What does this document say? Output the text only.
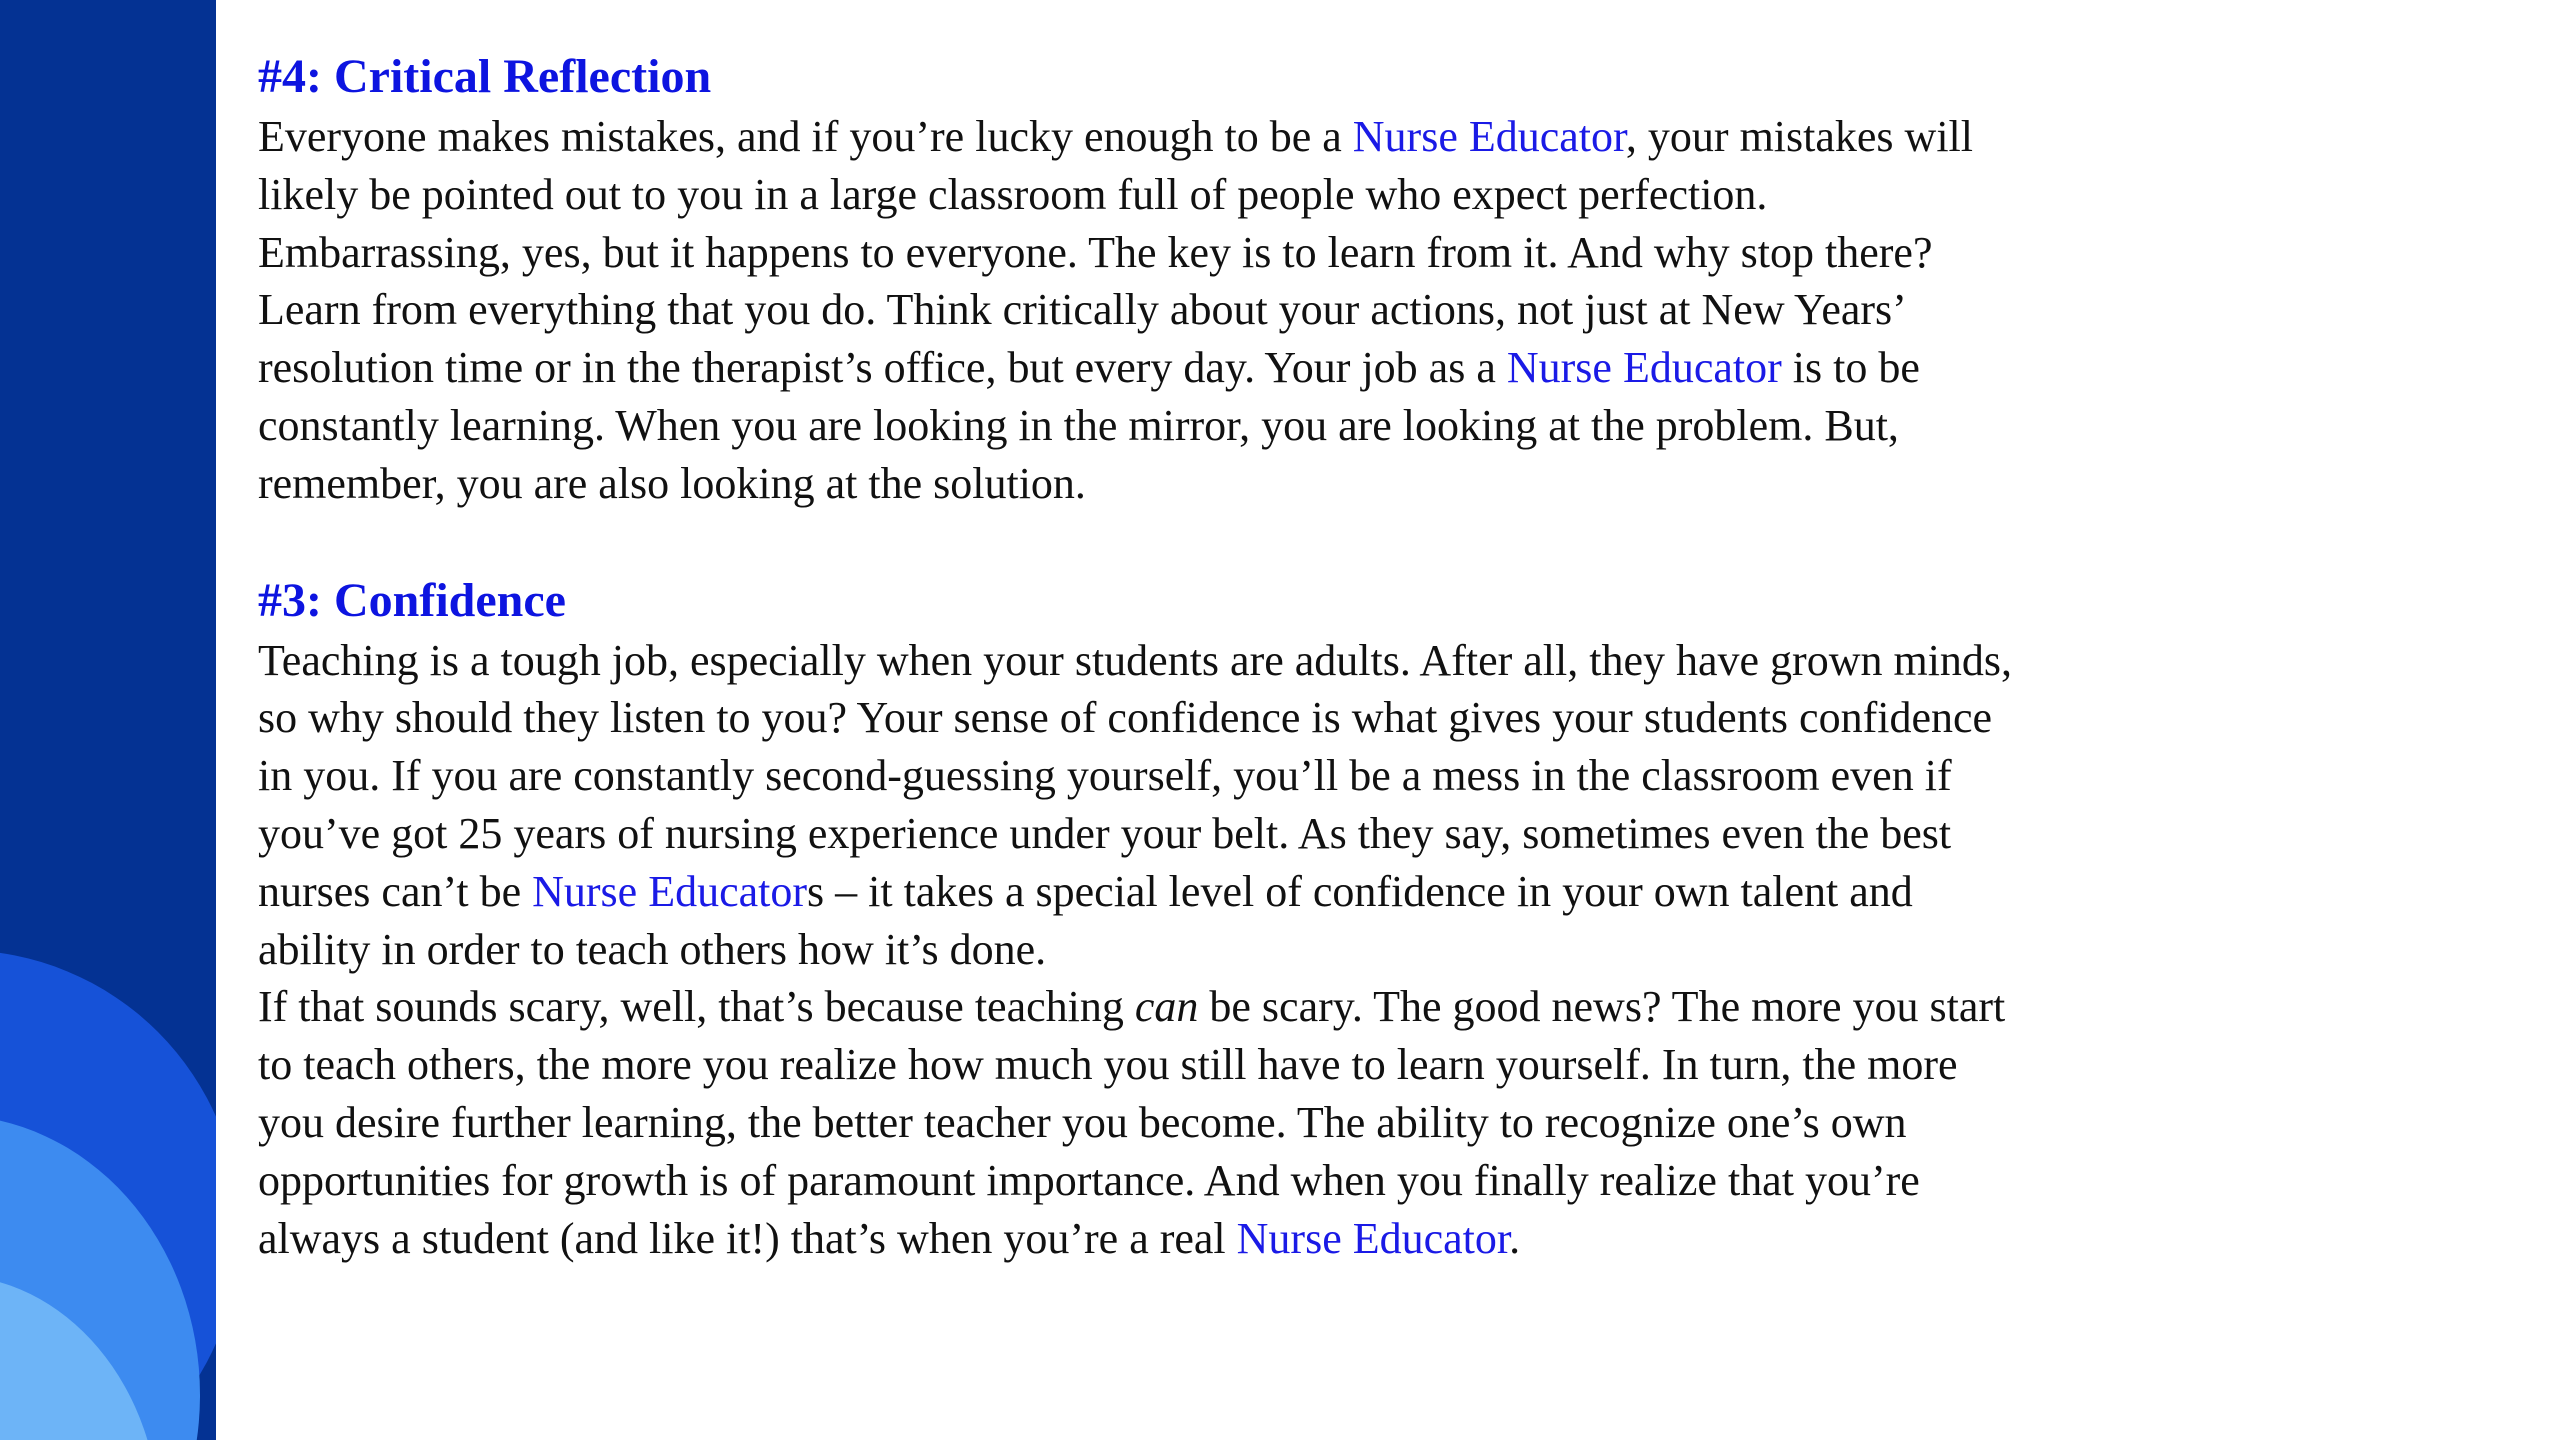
#4: Critical Reflection

Everyone makes mistakes, and if you’re lucky enough to be a Nurse Educator, your mistakes will likely be pointed out to you in a large classroom full of people who expect perfection. Embarrassing, yes, but it happens to everyone. The key is to learn from it. And why stop there? Learn from everything that you do. Think critically about your actions, not just at New Years’ resolution time or in the therapist’s office, but every day. Your job as a Nurse Educator is to be constantly learning. When you are looking in the mirror, you are looking at the problem. But, remember, you are also looking at the solution.

#3: Confidence

Teaching is a tough job, especially when your students are adults. After all, they have grown minds, so why should they listen to you? Your sense of confidence is what gives your students confidence in you. If you are constantly second-guessing yourself, you’ll be a mess in the classroom even if you’ve got 25 years of nursing experience under your belt. As they say, sometimes even the best nurses can’t be Nurse Educators – it takes a special level of confidence in your own talent and ability in order to teach others how it’s done.

If that sounds scary, well, that’s because teaching can be scary. The good news? The more you start to teach others, the more you realize how much you still have to learn yourself. In turn, the more you desire further learning, the better teacher you become. The ability to recognize one’s own opportunities for growth is of paramount importance. And when you finally realize that you’re always a student (and like it!) that’s when you’re a real Nurse Educator.
